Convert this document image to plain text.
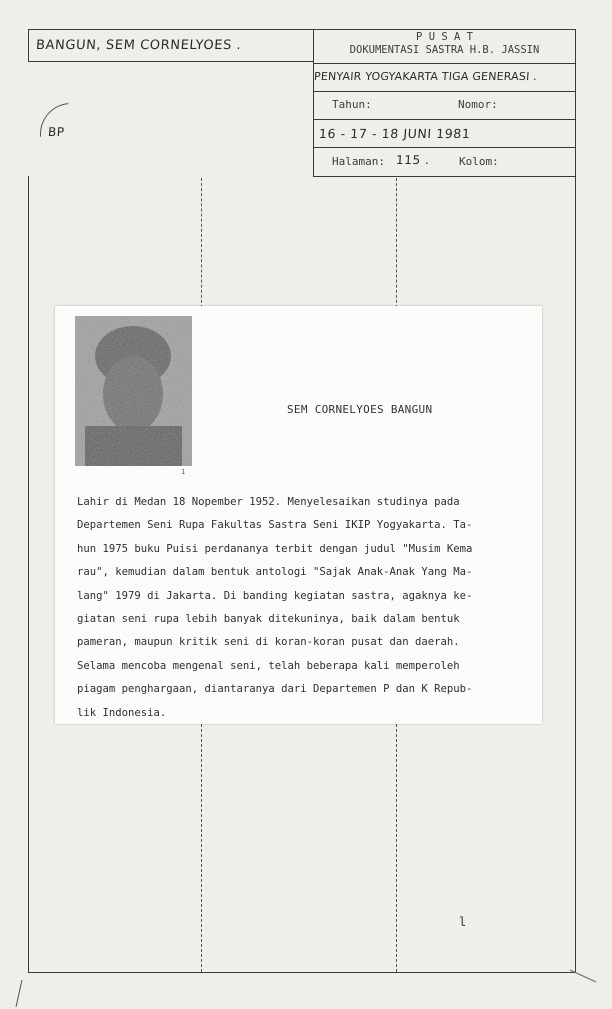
BP
BANGUN, SEM CORNELYOES .
P U S A T
DOKUMENTASI SASTRA H.B. JASSIN
PENYAIR YOGYAKARTA TIGA GENERASI .
Tahun:	Nomor:
16 - 17 - 18 JUNI 1981
Halaman: 115 .	Kolom:
1
SEM CORNELYOES BANGUN
Lahir di Medan 18 Nopember 1952. Menyelesaikan studinya pada
Departemen Seni Rupa Fakultas Sastra Seni IKIP Yogyakarta. Ta-
hun 1975 buku Puisi perdananya terbit dengan judul "Musim Kema
rau", kemudian dalam bentuk antologi "Sajak Anak-Anak Yang Ma-
lang" 1979 di Jakarta. Di banding kegiatan sastra, agaknya ke-
giatan seni rupa lebih banyak ditekuninya, baik dalam bentuk
pameran, maupun kritik seni di koran-koran pusat dan daerah.
Selama mencoba mengenal seni, telah beberapa kali memperoleh
piagam penghargaan, diantaranya dari Departemen P dan K Repub-
lik Indonesia.
l
